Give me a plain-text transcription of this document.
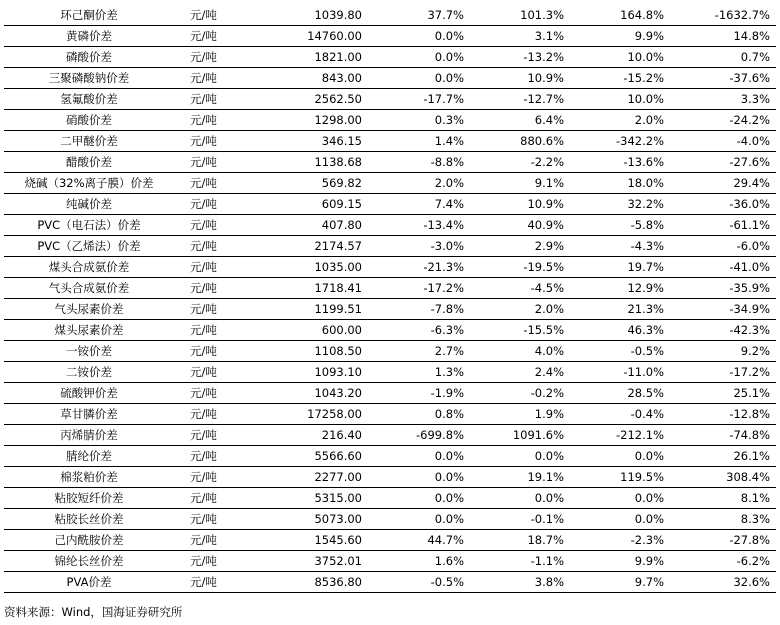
环己酮价差	元/吨	1039.80	37.7%	101.3%	164.8%	-1632.7%
黄磷价差	元/吨	14760.00	0.0%	3.1%	9.9%	14.8%
磷酸价差	元/吨	1821.00	0.0%	-13.2%	10.0%	0.7%
三聚磷酸钠价差	元/吨	843.00	0.0%	10.9%	-15.2%	-37.6%
氢氟酸价差	元/吨	2562.50	-17.7%	-12.7%	10.0%	3.3%
硝酸价差	元/吨	1298.00	0.3%	6.4%	2.0%	-24.2%
二甲醚价差	元/吨	346.15	1.4%	880.6%	-342.2%	-4.0%
醋酸价差	元/吨	1138.68	-8.8%	-2.2%	-13.6%	-27.6%
烧碱（32%离子膜）价差	元/吨	569.82	2.0%	9.1%	18.0%	29.4%
纯碱价差	元/吨	609.15	7.4%	10.9%	32.2%	-36.0%
PVC（电石法）价差	元/吨	407.80	-13.4%	40.9%	-5.8%	-61.1%
PVC（乙烯法）价差	元/吨	2174.57	-3.0%	2.9%	-4.3%	-6.0%
煤头合成氨价差	元/吨	1035.00	-21.3%	-19.5%	19.7%	-41.0%
气头合成氨价差	元/吨	1718.41	-17.2%	-4.5%	12.9%	-35.9%
气头尿素价差	元/吨	1199.51	-7.8%	2.0%	21.3%	-34.9%
煤头尿素价差	元/吨	600.00	-6.3%	-15.5%	46.3%	-42.3%
一铵价差	元/吨	1108.50	2.7%	4.0%	-0.5%	9.2%
二铵价差	元/吨	1093.10	1.3%	2.4%	-11.0%	-17.2%
硫酸钾价差	元/吨	1043.20	-1.9%	-0.2%	28.5%	25.1%
草甘膦价差	元/吨	17258.00	0.8%	1.9%	-0.4%	-12.8%
丙烯腈价差	元/吨	216.40	-699.8%	1091.6%	-212.1%	-74.8%
腈纶价差	元/吨	5566.60	0.0%	0.0%	0.0%	26.1%
棉浆粕价差	元/吨	2277.00	0.0%	19.1%	119.5%	308.4%
粘胶短纤价差	元/吨	5315.00	0.0%	0.0%	0.0%	8.1%
粘胶长丝价差	元/吨	5073.00	0.0%	-0.1%	0.0%	8.3%
己内酰胺价差	元/吨	1545.60	44.7%	18.7%	-2.3%	-27.8%
锦纶长丝价差	元/吨	3752.01	1.6%	-1.1%	9.9%	-6.2%
PVA价差	元/吨	8536.80	-0.5%	3.8%	9.7%	32.6%
资料来源：Wind，国海证券研究所
